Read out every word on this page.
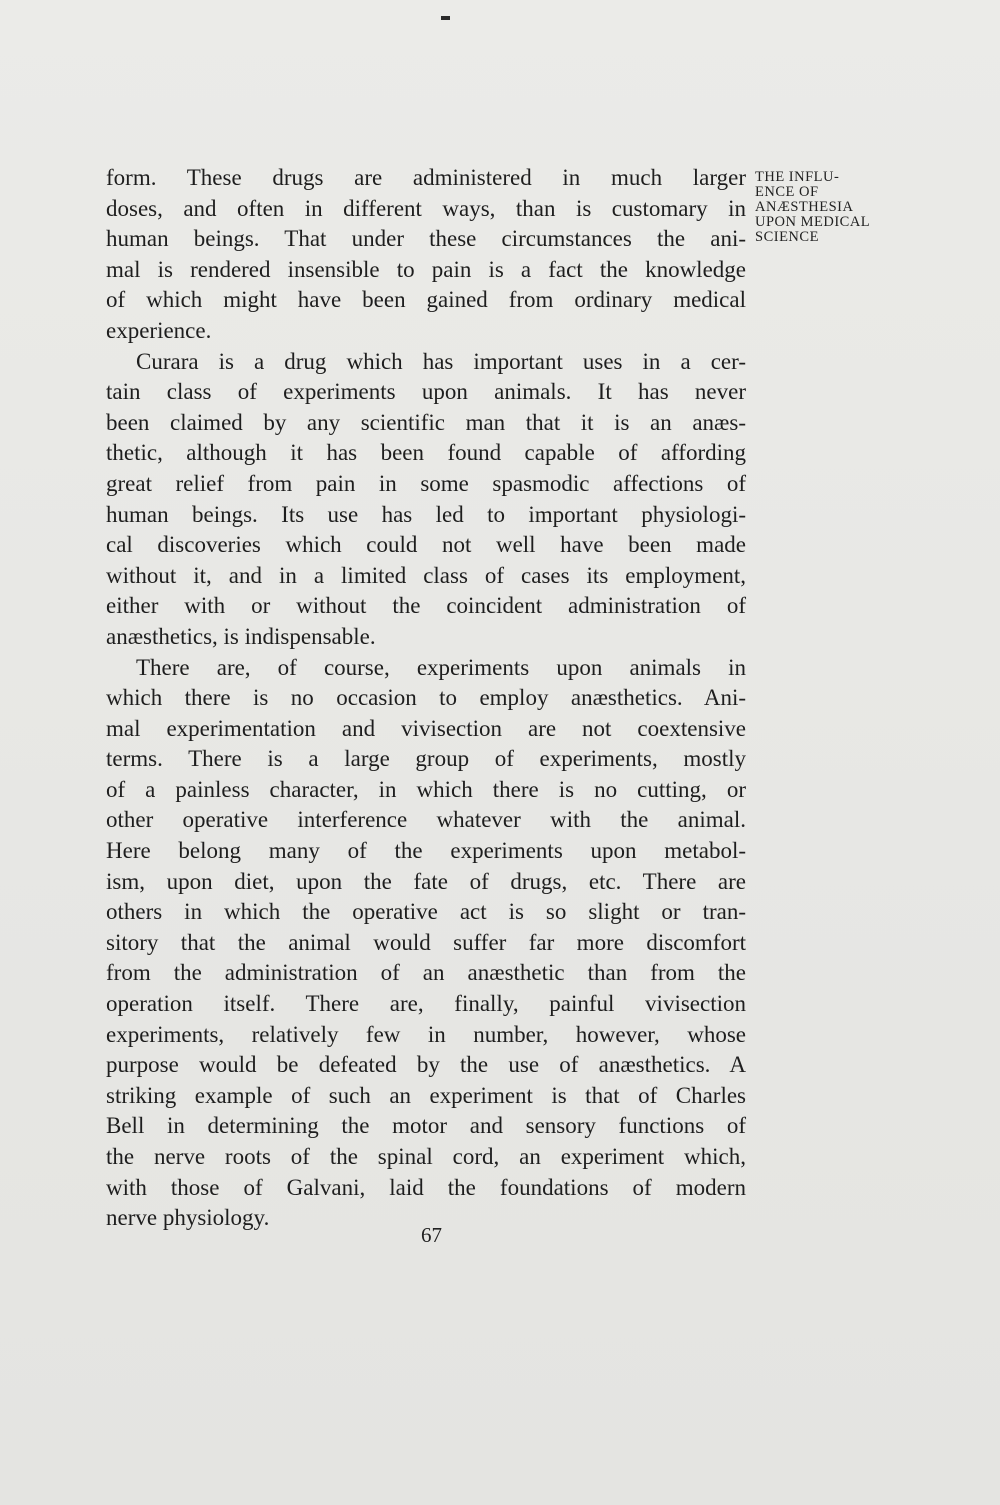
THE INFLU-
ENCE OF
ANÆSTHESIA
UPON MEDICAL
SCIENCE
form. These drugs are administered in much larger
doses, and often in different ways, than is customary in
human beings. That under these circumstances the ani-
mal is rendered insensible to pain is a fact the knowledge
of which might have been gained from ordinary medical
experience.
Curara is a drug which has important uses in a cer-
tain class of experiments upon animals. It has never
been claimed by any scientific man that it is an anæs-
thetic, although it has been found capable of affording
great relief from pain in some spasmodic affections of
human beings. Its use has led to important physiologi-
cal discoveries which could not well have been made
without it, and in a limited class of cases its employment,
either with or without the coincident administration of
anæsthetics, is indispensable.
There are, of course, experiments upon animals in
which there is no occasion to employ anæsthetics. Ani-
mal experimentation and vivisection are not coextensive
terms. There is a large group of experiments, mostly
of a painless character, in which there is no cutting, or
other operative interference whatever with the animal.
Here belong many of the experiments upon metabol-
ism, upon diet, upon the fate of drugs, etc. There are
others in which the operative act is so slight or tran-
sitory that the animal would suffer far more discomfort
from the administration of an anæsthetic than from the
operation itself. There are, finally, painful vivisection
experiments, relatively few in number, however, whose
purpose would be defeated by the use of anæsthetics. A
striking example of such an experiment is that of Charles
Bell in determining the motor and sensory functions of
the nerve roots of the spinal cord, an experiment which,
with those of Galvani, laid the foundations of modern
nerve physiology.
67
